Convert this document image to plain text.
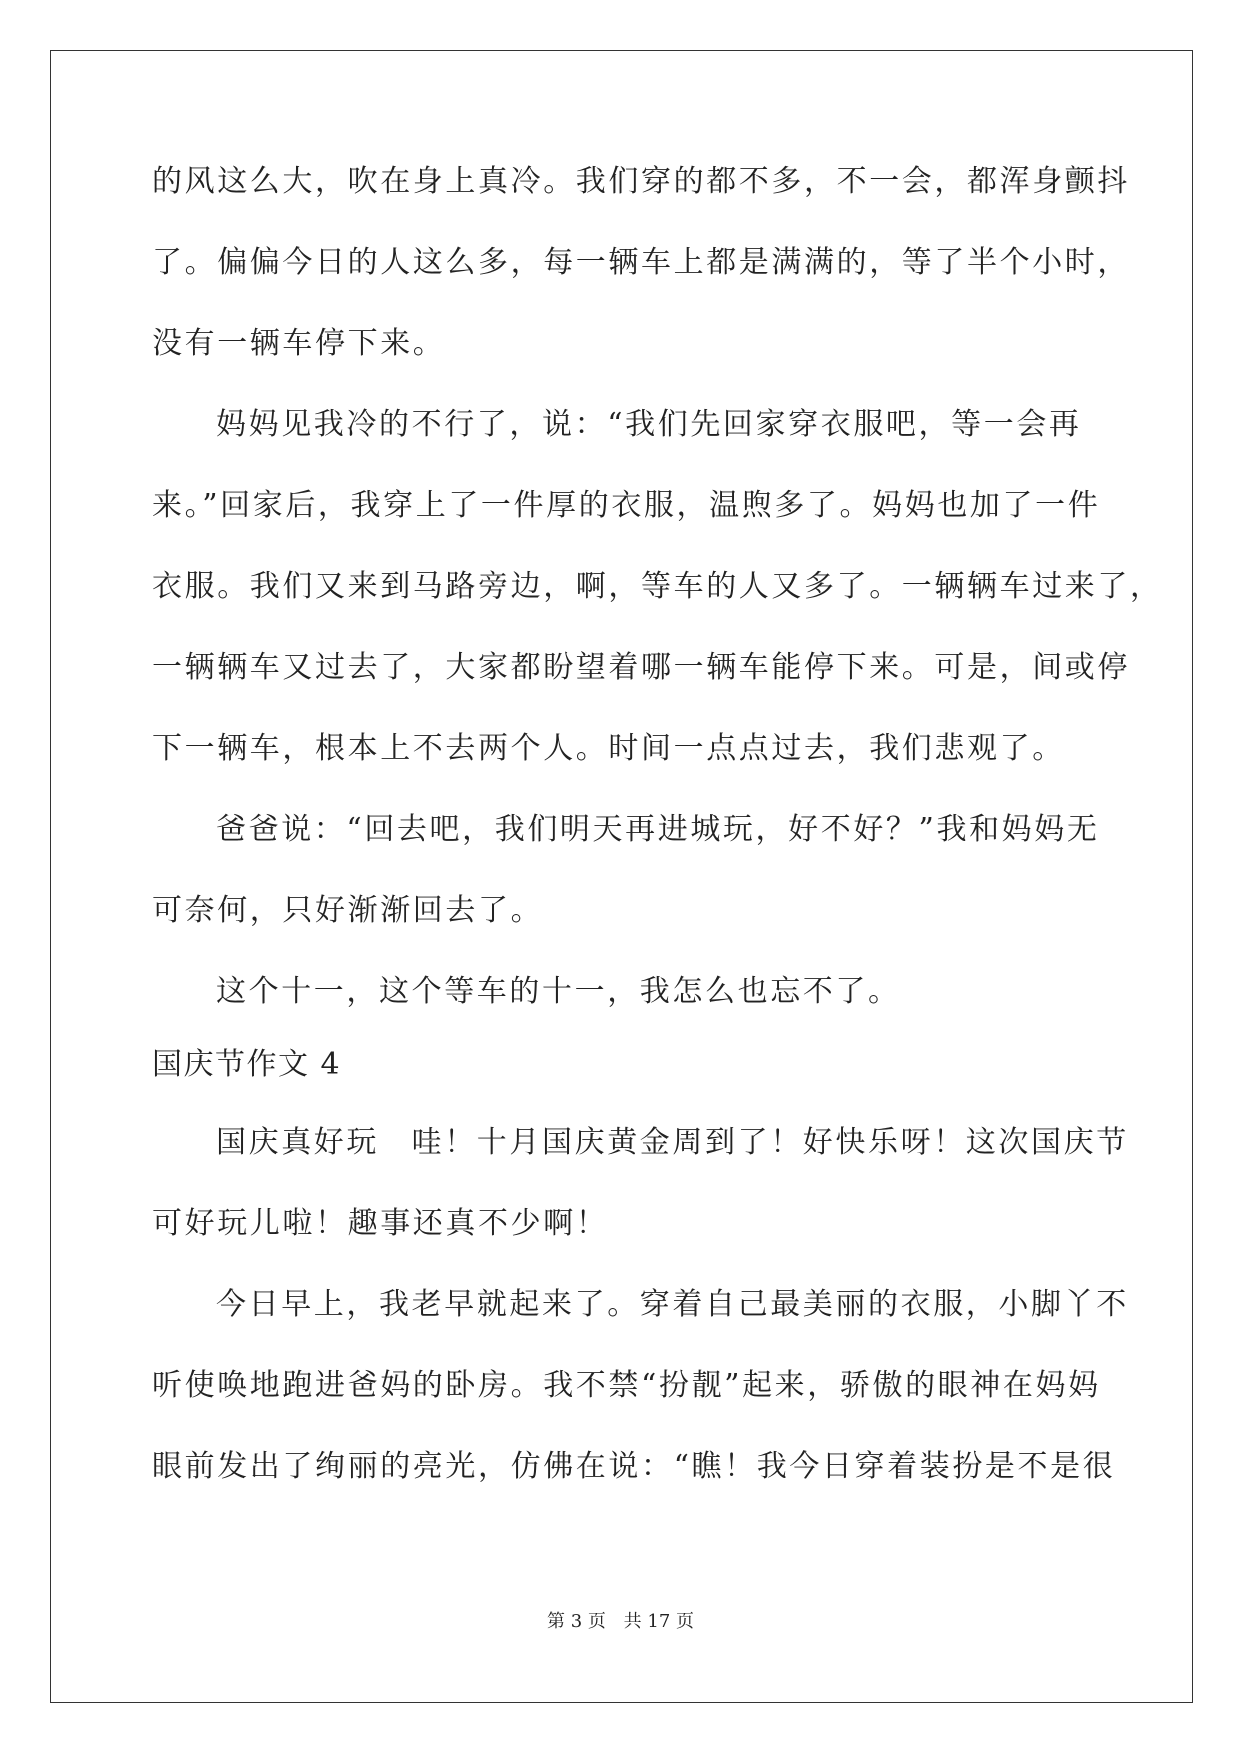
的风这么大，吹在身上真冷。我们穿的都不多，不一会，都浑身颤抖
了。偏偏今日的人这么多，每一辆车上都是满满的，等了半个小时，
没有一辆车停下来。
妈妈见我冷的不行了，说：“我们先回家穿衣服吧，等一会再
来。”回家后，我穿上了一件厚的衣服，温煦多了。妈妈也加了一件
衣服。我们又来到马路旁边，啊，等车的人又多了。一辆辆车过来了，
一辆辆车又过去了，大家都盼望着哪一辆车能停下来。可是，间或停
下一辆车，根本上不去两个人。时间一点点过去，我们悲观了。
爸爸说：“回去吧，我们明天再进城玩，好不好？”我和妈妈无
可奈何，只好渐渐回去了。
这个十一，这个等车的十一，我怎么也忘不了。
国庆节作文 4
国庆真好玩　哇！十月国庆黄金周到了！好快乐呀！这次国庆节
可好玩儿啦！趣事还真不少啊！
今日早上，我老早就起来了。穿着自己最美丽的衣服，小脚丫不
听使唤地跑进爸妈的卧房。我不禁“扮靓”起来，骄傲的眼神在妈妈
眼前发出了绚丽的亮光，仿佛在说：“瞧！我今日穿着装扮是不是很
第 3 页 共 17 页
